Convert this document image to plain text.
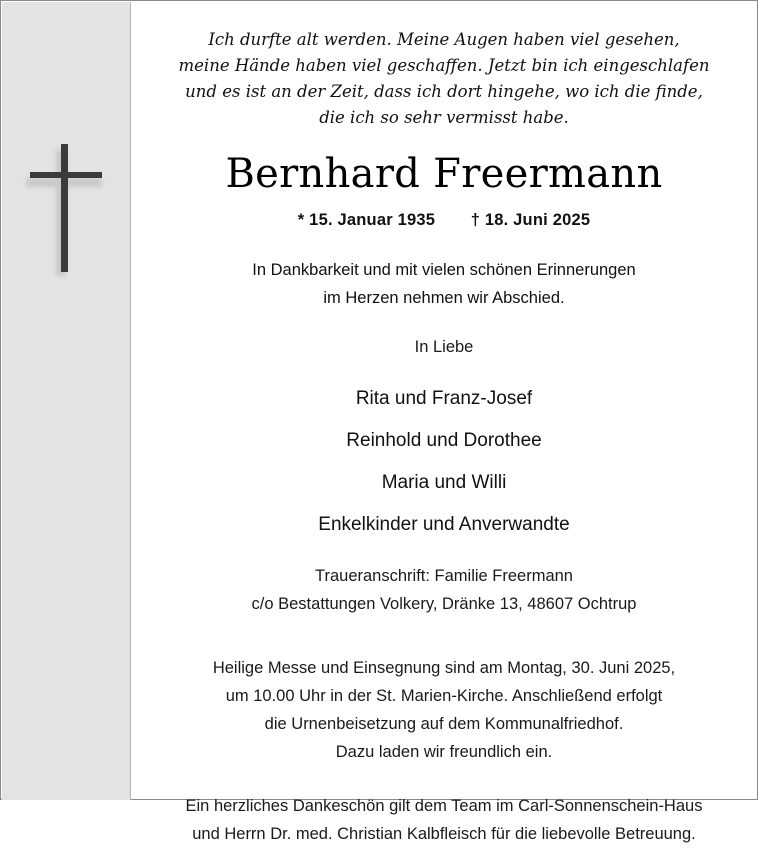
Ich durfte alt werden. Meine Augen haben viel gesehen,
meine Hände haben viel geschaffen. Jetzt bin ich eingeschlafen
und es ist an der Zeit, dass ich dort hingehe, wo ich die finde,
die ich so sehr vermisst habe.
Bernhard Freermann
* 15. Januar 1935 † 18. Juni 2025
In Dankbarkeit und mit vielen schönen Erinnerungen
im Herzen nehmen wir Abschied.
In Liebe
Rita und Franz-Josef
Reinhold und Dorothee
Maria und Willi
Enkelkinder und Anverwandte
Traueranschrift: Familie Freermann
c/o Bestattungen Volkery, Dränke 13, 48607 Ochtrup
Heilige Messe und Einsegnung sind am Montag, 30. Juni 2025,
um 10.00 Uhr in der St. Marien-Kirche. Anschließend erfolgt
die Urnenbeisetzung auf dem Kommunalfriedhof.
Dazu laden wir freundlich ein.
Ein herzliches Dankeschön gilt dem Team im Carl-Sonnenschein-Haus
und Herrn Dr. med. Christian Kalbfleisch für die liebevolle Betreuung.
